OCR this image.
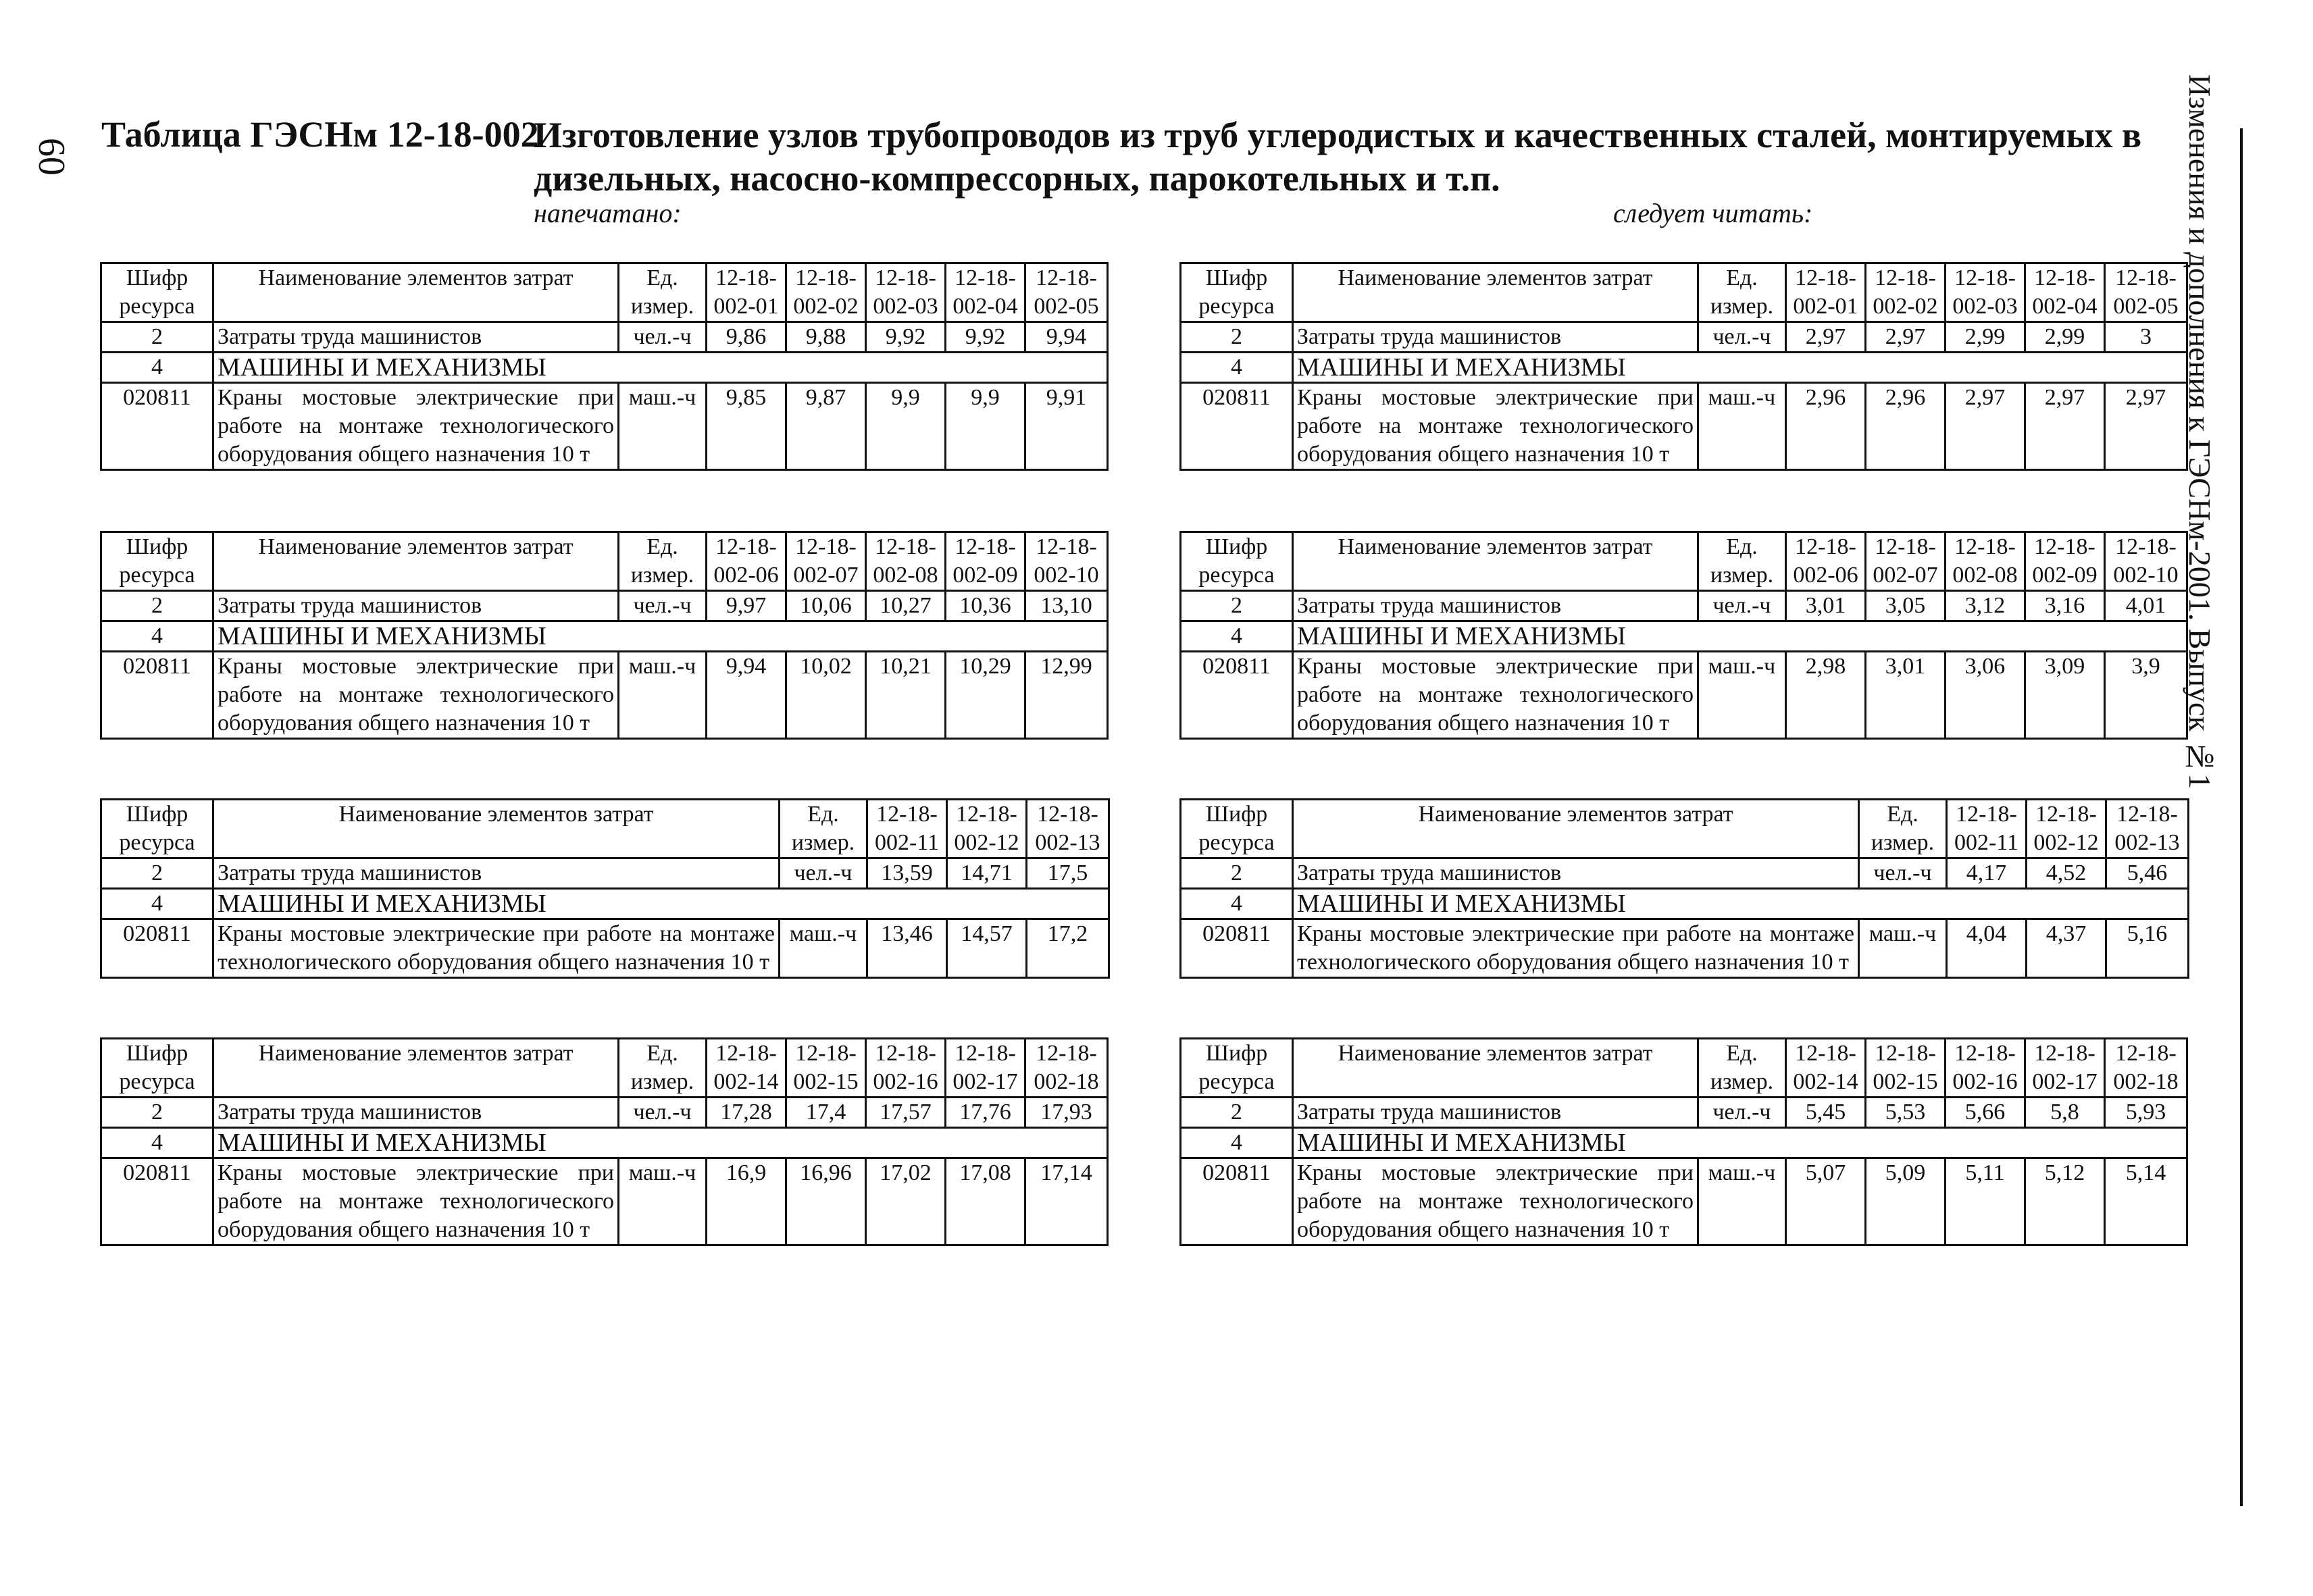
60	Изменения и дополнения к ГЭСНм-2001. Выпуск №1
Таблица ГЭСНм 12-18-002
Изготовление узлов трубопроводов из труб углеродистых и качественных сталей, монтируемых в дизельных, насосно-компрессорных, парокотельных и т.п.
напечатано:	следует читать:
Шифр ресурса	Наименование элементов затрат	Ед. измер.	12-18-002-01	12-18-002-02	12-18-002-03	12-18-002-04	12-18-002-05
2	Затраты труда машинистов	чел.-ч	9,86	9,88	9,92	9,92	9,94
4	МАШИНЫ И МЕХАНИЗМЫ						
020811	Краны мостовые электрические при работе на монтаже технологического оборудования общего назначения 10 т	маш.-ч	9,85	9,87	9,9	9,9	9,91
Шифр ресурса	Наименование элементов затрат	Ед. измер.	12-18-002-06	12-18-002-07	12-18-002-08	12-18-002-09	12-18-002-10
2	Затраты труда машинистов	чел.-ч	9,97	10,06	10,27	10,36	13,10
4	МАШИНЫ И МЕХАНИЗМЫ						
020811	Краны мостовые электрические при работе на монтаже технологического оборудования общего назначения 10 т	маш.-ч	9,94	10,02	10,21	10,29	12,99
Шифр ресурса	Наименование элементов затрат	Ед. измер.	12-18-002-11	12-18-002-12	12-18-002-13
2	Затраты труда машинистов	чел.-ч	13,59	14,71	17,5
4	МАШИНЫ И МЕХАНИЗМЫ				
020811	Краны мостовые электрические при работе на монтаже технологического оборудования общего назначения 10 т	маш.-ч	13,46	14,57	17,2
Шифр ресурса	Наименование элементов затрат	Ед. измер.	12-18-002-14	12-18-002-15	12-18-002-16	12-18-002-17	12-18-002-18
2	Затраты труда машинистов	чел.-ч	17,28	17,4	17,57	17,76	17,93
4	МАШИНЫ И МЕХАНИЗМЫ						
020811	Краны мостовые электрические при работе на монтаже технологического оборудования общего назначения 10 т	маш.-ч	16,9	16,96	17,02	17,08	17,14
Шифр ресурса	Наименование элементов затрат	Ед. измер.	12-18-002-01	12-18-002-02	12-18-002-03	12-18-002-04	12-18-002-05
2	Затраты труда машинистов	чел.-ч	2,97	2,97	2,99	2,99	3
4	МАШИНЫ И МЕХАНИЗМЫ						
020811	Краны мостовые электрические при работе на монтаже технологического оборудования общего назначения 10 т	маш.-ч	2,96	2,96	2,97	2,97	2,97
Шифр ресурса	Наименование элементов затрат	Ед. измер.	12-18-002-06	12-18-002-07	12-18-002-08	12-18-002-09	12-18-002-10
2	Затраты труда машинистов	чел.-ч	3,01	3,05	3,12	3,16	4,01
4	МАШИНЫ И МЕХАНИЗМЫ						
020811	Краны мостовые электрические при работе на монтаже технологического оборудования общего назначения 10 т	маш.-ч	2,98	3,01	3,06	3,09	3,9
Шифр ресурса	Наименование элементов затрат	Ед. измер.	12-18-002-11	12-18-002-12	12-18-002-13
2	Затраты труда машинистов	чел.-ч	4,17	4,52	5,46
4	МАШИНЫ И МЕХАНИЗМЫ				
020811	Краны мостовые электрические при работе на монтаже технологического оборудования общего назначения 10 т	маш.-ч	4,04	4,37	5,16
Шифр ресурса	Наименование элементов затрат	Ед. измер.	12-18-002-14	12-18-002-15	12-18-002-16	12-18-002-17	12-18-002-18
2	Затраты труда машинистов	чел.-ч	5,45	5,53	5,66	5,8	5,93
4	МАШИНЫ И МЕХАНИЗМЫ						
020811	Краны мостовые электрические при работе на монтаже технологического оборудования общего назначения 10 т	маш.-ч	5,07	5,09	5,11	5,12	5,14
